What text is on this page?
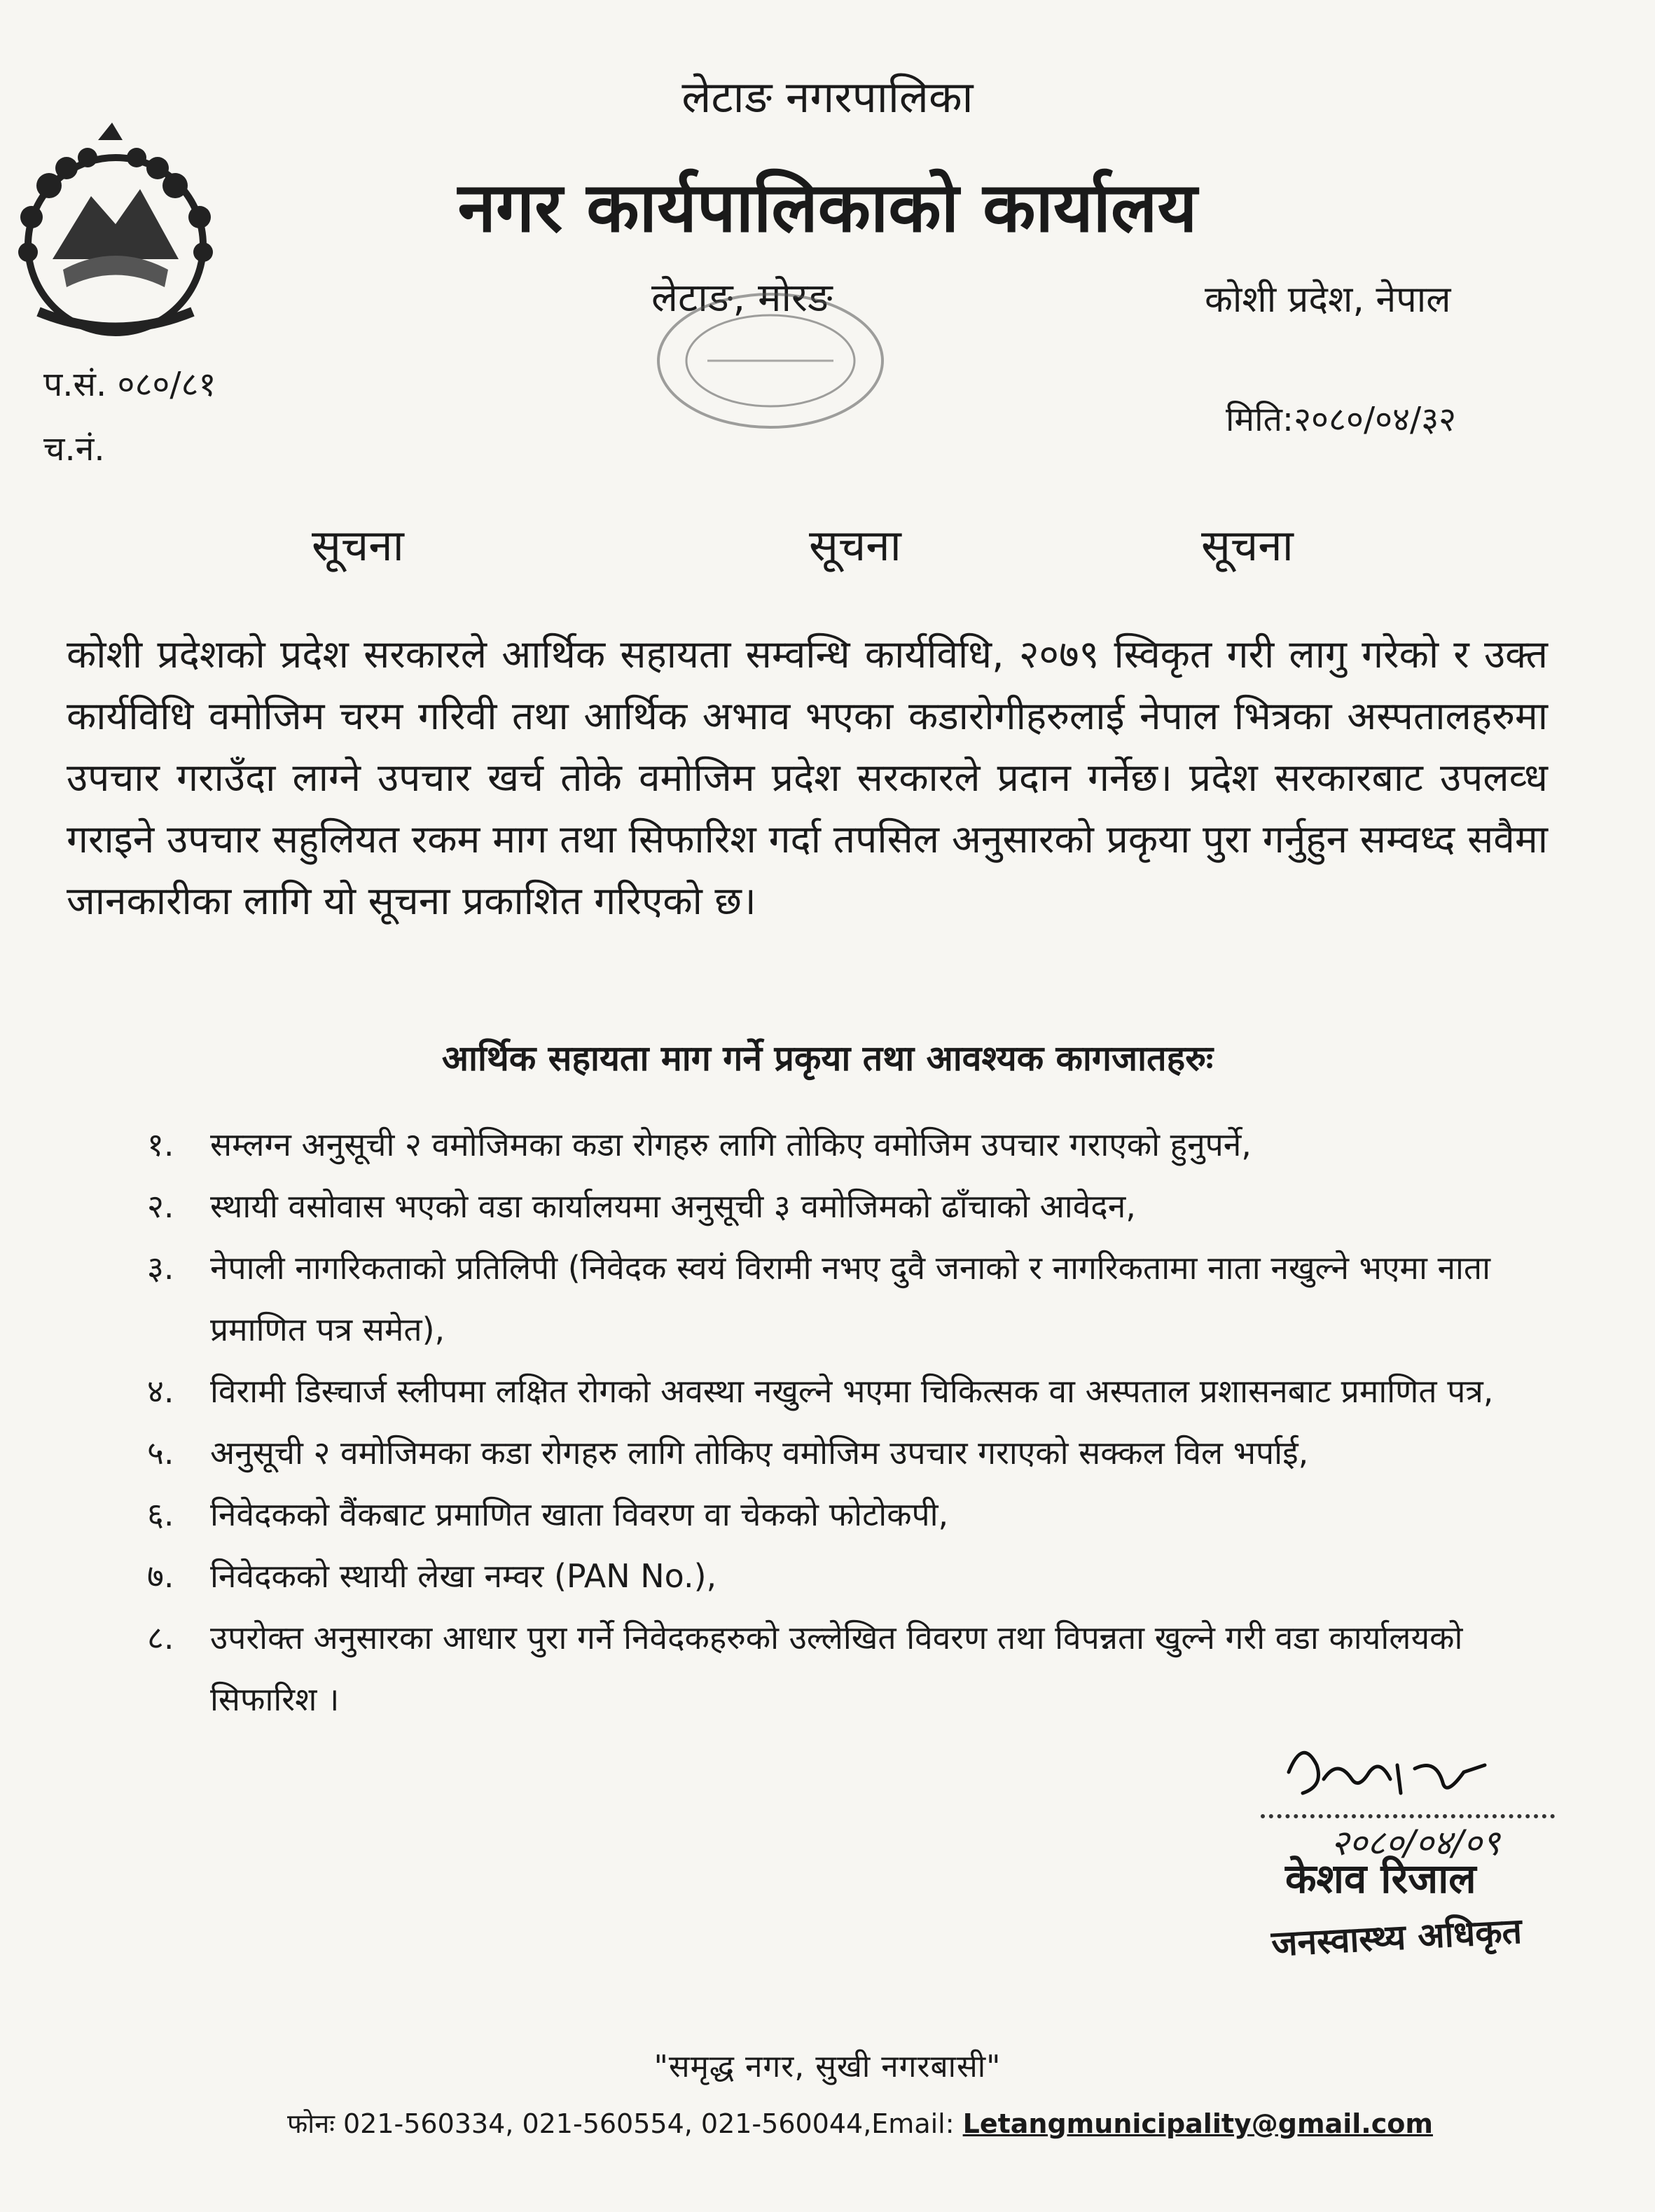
लेटाङ नगरपालिका
नगर कार्यपालिकाको कार्यालय
लेटाङ, मोरङ	कोशी प्रदेश, नेपाल
प.सं. ०८०/८१
च.नं.
मिति:२०८०/०४/३२
सूचना	सूचना	सूचना
कोशी प्रदेशको प्रदेश सरकारले आर्थिक सहायता सम्वन्धि कार्यविधि, २०७९ स्विकृत गरी लागु गरेको र उक्त कार्यविधि वमोजिम चरम गरिवी तथा आर्थिक अभाव भएका कडारोगीहरुलाई नेपाल भित्रका अस्पतालहरुमा उपचार गराउँदा लाग्ने उपचार खर्च तोके वमोजिम प्रदेश सरकारले प्रदान गर्नेछ। प्रदेश सरकारबाट उपलव्ध गराइने उपचार सहुलियत रकम माग तथा सिफारिश गर्दा तपसिल अनुसारको प्रकृया पुरा गर्नुहुन सम्वध्द सवैमा जानकारीका लागि यो सूचना प्रकाशित गरिएको छ।
आर्थिक सहायता माग गर्ने प्रकृया तथा आवश्यक कागजातहरुः
१. सम्लग्न अनुसूची २ वमोजिमका कडा रोगहरु लागि तोकिए वमोजिम उपचार गराएको हुनुपर्ने,
२. स्थायी वसोवास भएको वडा कार्यालयमा अनुसूची ३ वमोजिमको ढाँचाको आवेदन,
३. नेपाली नागरिकताको प्रतिलिपी (निवेदक स्वयं विरामी नभए दुवै जनाको र नागरिकतामा नाता नखुल्ने भएमा नाता प्रमाणित पत्र समेत),
४. विरामी डिस्चार्ज स्लीपमा लक्षित रोगको अवस्था नखुल्ने भएमा चिकित्सक वा अस्पताल प्रशासनबाट प्रमाणित पत्र,
५. अनुसूची २ वमोजिमका कडा रोगहरु लागि तोकिए वमोजिम उपचार गराएको सक्कल विल भर्पाई,
६. निवेदकको वैंकबाट प्रमाणित खाता विवरण वा चेकको फोटोकपी,
७. निवेदकको स्थायी लेखा नम्वर (PAN No.),
८. उपरोक्त अनुसारका आधार पुरा गर्ने निवेदकहरुको उल्लेखित विवरण तथा विपन्नता खुल्ने गरी वडा कार्यालयको सिफारिश ।
२०८०/०४/०९
केशव रिजाल
जनस्वास्थ्य अधिकृत
"समृद्ध नगर, सुखी नगरबासी"
फोनः 021-560334, 021-560554, 021-560044,Email: Letangmunicipality@gmail.com
